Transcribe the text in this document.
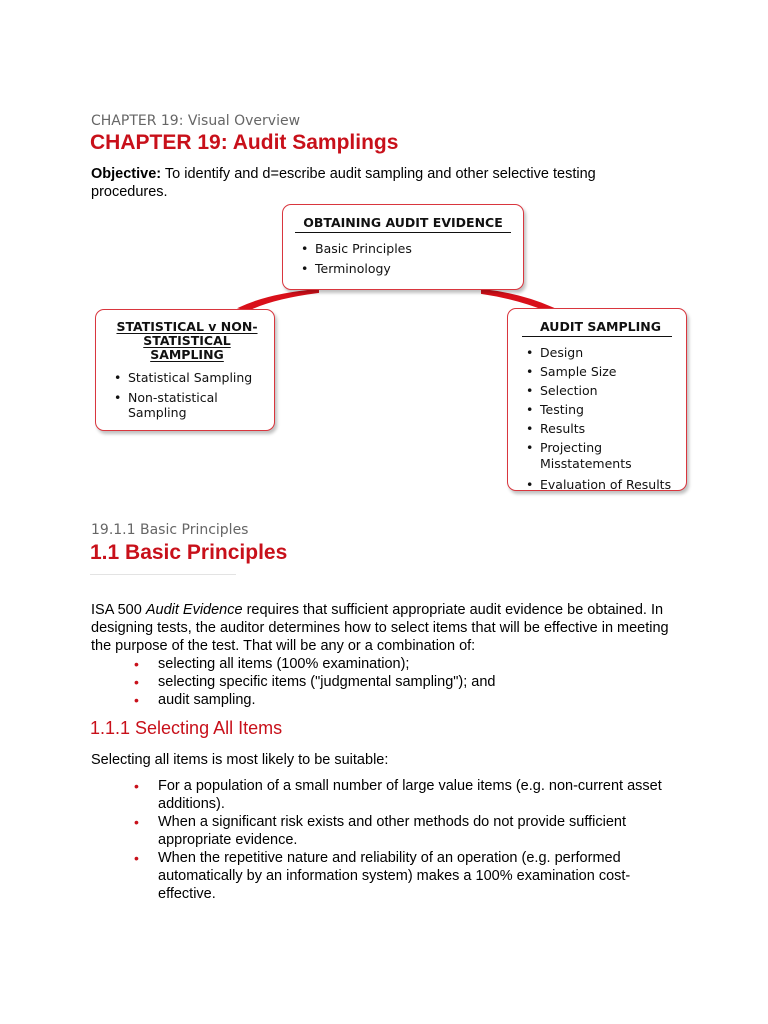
CHAPTER 19: Visual Overview
CHAPTER 19: Audit Samplings
Objective: To identify and d=escribe audit sampling and other selective testing procedures.
OBTAINING AUDIT EVIDENCE
• Basic Principles
• Terminology
STATISTICAL v NON-STATISTICAL SAMPLING
• Statistical Sampling
• Non-statistical Sampling
AUDIT SAMPLING
• Design
• Sample Size
• Selection
• Testing
• Results
• Projecting Misstatements
• Evaluation of Results
19.1.1 Basic Principles
1.1 Basic Principles
ISA 500 Audit Evidence requires that sufficient appropriate audit evidence be obtained. In designing tests, the auditor determines how to select items that will be effective in meeting the purpose of the test. That will be any or a combination of:
• selecting all items (100% examination);
• selecting specific items ("judgmental sampling"); and
• audit sampling.
1.1.1 Selecting All Items
Selecting all items is most likely to be suitable:
• For a population of a small number of large value items (e.g. non-current asset additions).
• When a significant risk exists and other methods do not provide sufficient appropriate evidence.
• When the repetitive nature and reliability of an operation (e.g. performed automatically by an information system) makes a 100% examination cost-effective.
